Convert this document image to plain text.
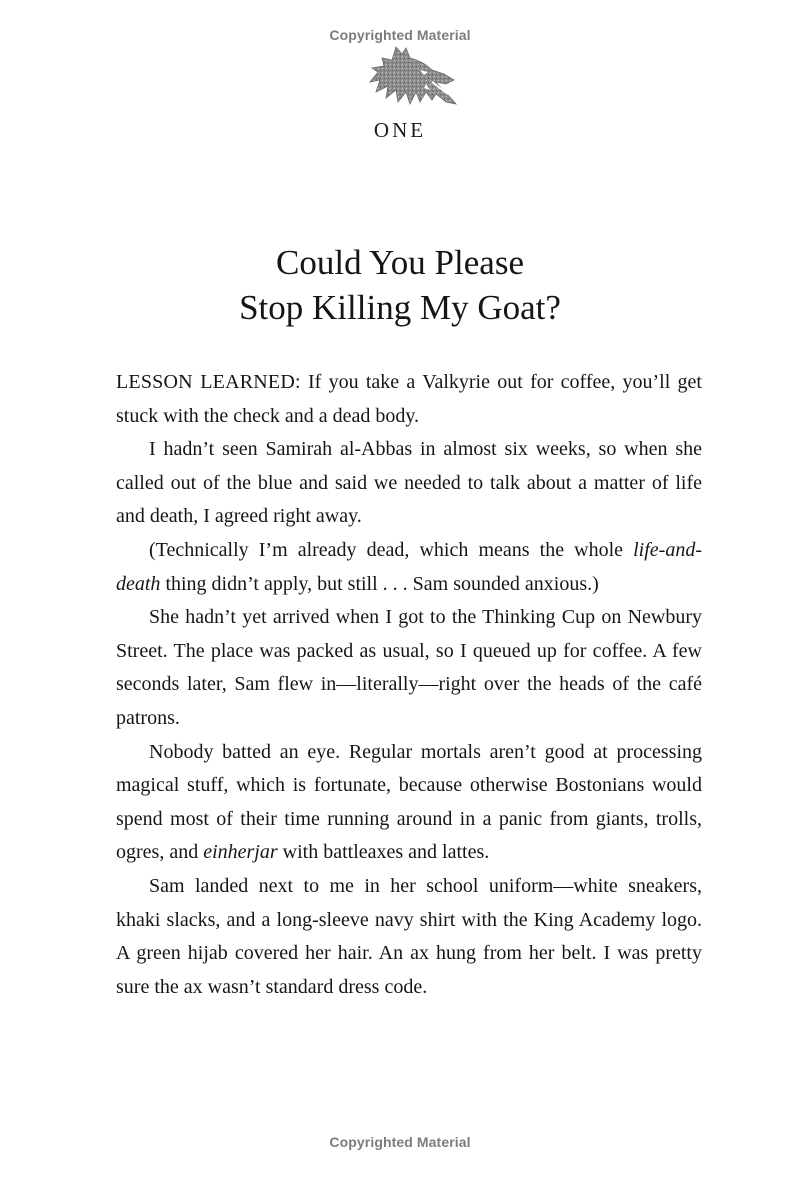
Copyrighted Material
ONE
Could You Please
Stop Killing My Goat?

LESSON LEARNED: If you take a Valkyrie out for coffee, you’ll get stuck with the check and a dead body.

I hadn’t seen Samirah al-Abbas in almost six weeks, so when she called out of the blue and said we needed to talk about a matter of life and death, I agreed right away.

(Technically I’m already dead, which means the whole life-and-death thing didn’t apply, but still . . . Sam sounded anxious.)

She hadn’t yet arrived when I got to the Thinking Cup on Newbury Street. The place was packed as usual, so I queued up for coffee. A few seconds later, Sam flew in—literally—right over the heads of the café patrons.

Nobody batted an eye. Regular mortals aren’t good at processing magical stuff, which is fortunate, because otherwise Bostonians would spend most of their time running around in a panic from giants, trolls, ogres, and einherjar with battleaxes and lattes.

Sam landed next to me in her school uniform—white sneakers, khaki slacks, and a long-sleeve navy shirt with the King Academy logo. A green hijab covered her hair. An ax hung from her belt. I was pretty sure the ax wasn’t standard dress code.

Copyrighted Material
